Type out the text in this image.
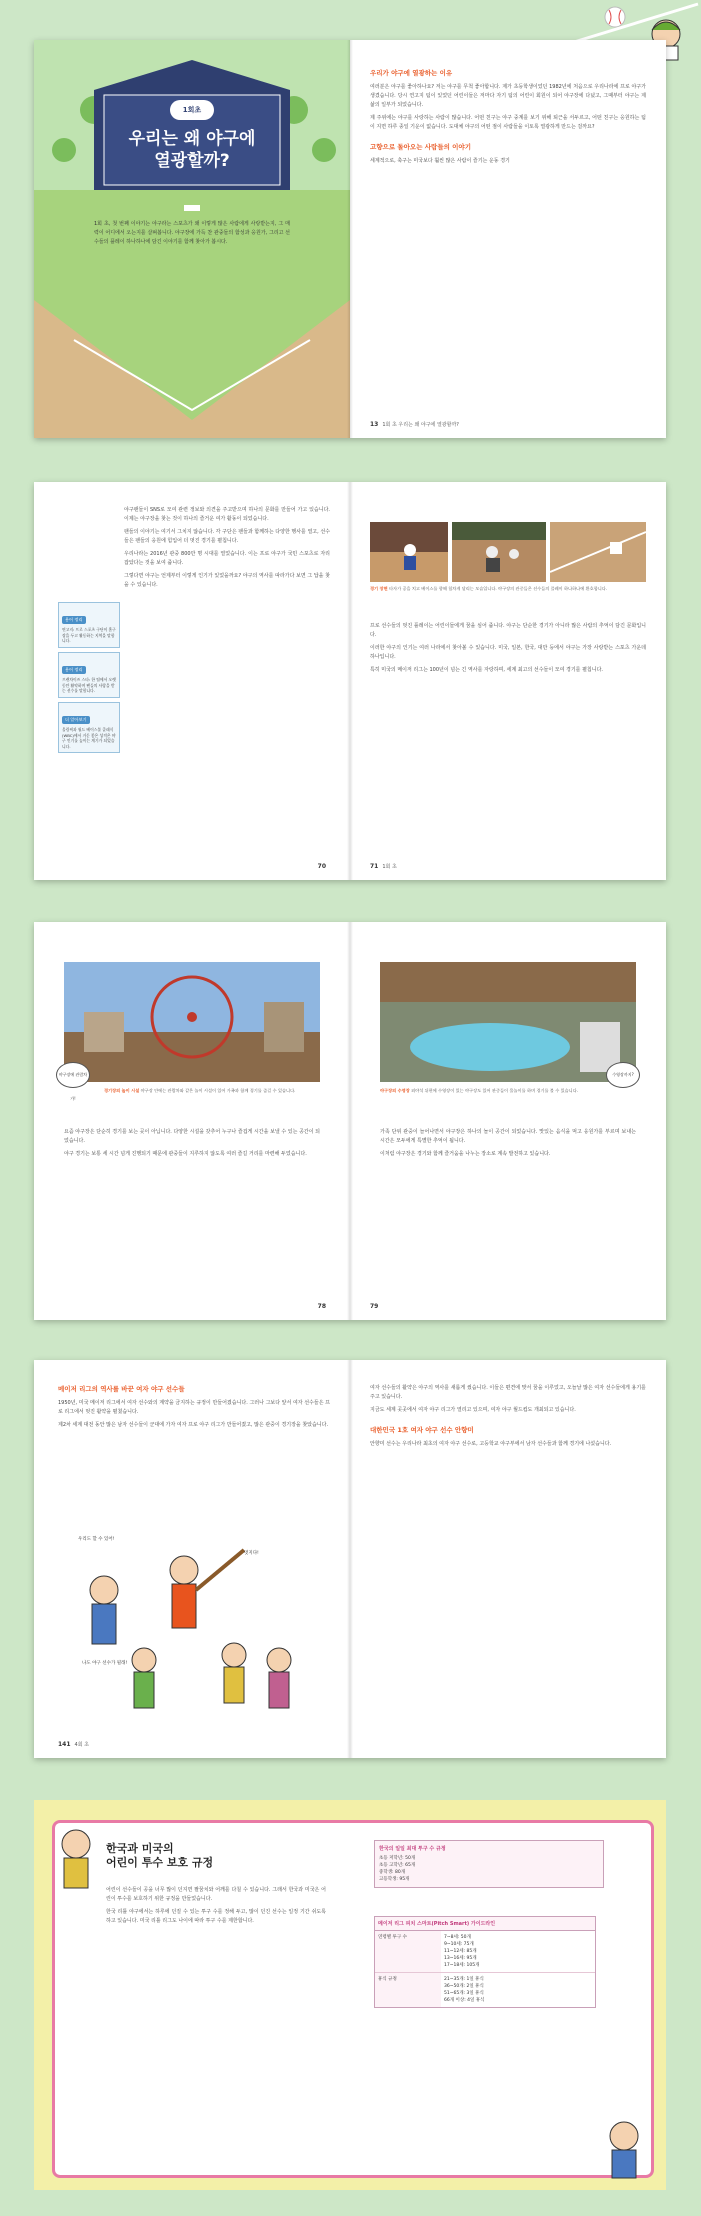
1회초
우리는 왜 야구에
열광할까?

1회 초, 첫 번째 이야기는 야구라는 스포츠가 왜 이렇게 많은 사람에게 사랑받는지, 그 매력이 어디에서 오는지를 살펴봅니다. 야구장에 가득 찬 관중들의 함성과 응원가, 그리고 선수들의 플레이 하나하나에 담긴 이야기를 함께 찾아가 봅시다.

우리가 야구에 열광하는 이유

여러분은 야구를 좋아하나요? 저는 야구를 무척 좋아합니다. 제가 초등학생이었던 1982년에 처음으로 우리나라에 프로 야구가 생겼습니다. 당시 연고지 팀이 있었던 어린이들은 저마다 자기 팀의 어린이 회원이 되어 야구장에 다녔고, 그때부터 야구는 제 삶의 일부가 되었습니다.

제 주위에는 야구를 사랑하는 사람이 많습니다. 어떤 친구는 야구 중계를 보기 위해 퇴근을 서두르고, 어떤 친구는 응원하는 팀이 지면 하루 종일 기운이 없습니다. 도대체 야구의 어떤 점이 사람들을 이토록 열광하게 만드는 걸까요?

고향으로 돌아오는 사람들의 이야기

세계적으로, 축구는 미국보다 훨씬 많은 사람이 즐기는 운동 경기

13 1회 초 우리는 왜 야구에 열광할까?

야구팬들이 SNS로 모여 관련 정보와 의견을 주고받으며 하나의 문화를 만들어 가고 있습니다. 이제는 야구장을 찾는 것이 하나의 즐거운 여가 활동이 되었습니다.

팬들의 이야기는 여기서 그치지 않습니다. 각 구단은 팬들과 함께하는 다양한 행사를 열고, 선수들은 팬들의 응원에 힘입어 더 멋진 경기를 펼칩니다.

우리나라는 2016년 관중 800만 명 시대를 열었습니다. 이는 프로 야구가 국민 스포츠로 자리 잡았다는 것을 보여 줍니다.

그렇다면 야구는 언제부터 이렇게 인기가 있었을까요? 야구의 역사를 따라가다 보면 그 답을 찾을 수 있습니다.

용어 정리

연고지: 프로 스포츠 구단이 홈구장을 두고 활동하는 지역을 말합니다.

용어 정리

프랜차이즈 스타: 한 팀에서 오랫동안 활약하며 팬들의 사랑을 받는 선수를 말합니다.

더 알아보기

올림픽과 월드 베이스볼 클래식(WBC)에서 거둔 좋은 성적은 야구 인기를 높이는 계기가 되었습니다.

70
경기 장면 타자가 공을 치고 베이스를 향해 힘차게 달리는 모습입니다. 야구장의 관중들은 선수들의 플레이 하나하나에 환호합니다.

프로 선수들의 멋진 플레이는 어린이들에게 꿈을 심어 줍니다. 야구는 단순한 경기가 아니라 많은 사람의 추억이 담긴 문화입니다.

이러한 야구의 인기는 여러 나라에서 찾아볼 수 있습니다. 미국, 일본, 한국, 대만 등에서 야구는 가장 사랑받는 스포츠 가운데 하나입니다.

특히 미국의 메이저 리그는 100년이 넘는 긴 역사를 자랑하며, 세계 최고의 선수들이 모여 경기를 펼칩니다.

71 1회 초
경기장의 놀이 시설 야구장 안에는 관람차와 같은 놀이 시설이 있어 가족과 함께 경기를 즐길 수 있습니다.
야구장에 관람차가!

요즘 야구장은 단순히 경기를 보는 곳이 아닙니다. 다양한 시설을 갖추어 누구나 즐겁게 시간을 보낼 수 있는 공간이 되었습니다.

야구 경기는 보통 세 시간 넘게 진행되기 때문에 관중들이 지루하지 않도록 여러 즐길 거리를 마련해 두었습니다.

78
야구장의 수영장 외야석 뒤편에 수영장이 있는 야구장도 있어 관중들이 물놀이를 하며 경기를 볼 수 있습니다.
수영장까지?

가족 단위 관중이 늘어나면서 야구장은 하나의 놀이 공간이 되었습니다. 맛있는 음식을 먹고 응원가를 부르며 보내는 시간은 모두에게 특별한 추억이 됩니다.

이처럼 야구장은 경기와 함께 즐거움을 나누는 장소로 계속 발전하고 있습니다.

79
메이저 리그의 역사를 바꾼 여자 야구 선수들

1950년, 미국 메이저 리그에서 여자 선수와의 계약을 금지하는 규정이 만들어졌습니다. 그러나 그보다 앞서 여자 선수들은 프로 리그에서 멋진 활약을 펼쳤습니다.

제2차 세계 대전 동안 많은 남자 선수들이 군대에 가자 여자 프로 야구 리그가 만들어졌고, 많은 관중이 경기장을 찾았습니다.

우리도 할 수 있어!
멋지다!
나도 야구 선수가 될래!
141 4회 초

여자 선수들의 활약은 야구의 역사를 새롭게 썼습니다. 이들은 편견에 맞서 꿈을 이루었고, 오늘날 많은 여자 선수들에게 용기를 주고 있습니다.

지금도 세계 곳곳에서 여자 야구 리그가 열리고 있으며, 여자 야구 월드컵도 개최되고 있습니다.

대한민국 1호 여자 야구 선수 안향미

안향미 선수는 우리나라 최초의 여자 야구 선수로, 고등학교 야구부에서 남자 선수들과 함께 경기에 나섰습니다.

한국과 미국의
어린이 투수 보호 규정

어린이 선수들이 공을 너무 많이 던지면 팔꿈치와 어깨를 다칠 수 있습니다. 그래서 한국과 미국은 어린이 투수를 보호하기 위한 규정을 만들었습니다.

한국 리틀 야구에서는 하루에 던질 수 있는 투구 수를 정해 두고, 많이 던진 선수는 일정 기간 쉬도록 하고 있습니다. 미국 리틀 리그도 나이에 따라 투구 수를 제한합니다.

한국의 일일 최대 투구 수 규정
초등 저학년: 50개
초등 고학년: 65개
중학생: 80개
고등학생: 95개
메이저 리그 피치 스마트(Pitch Smart) 가이드라인
연령별 투구 수	7~8세: 50개
9~10세: 75개
11~12세: 85개
13~16세: 95개
17~18세: 105개
휴식 규정	21~35개: 1일 휴식
36~50개: 2일 휴식
51~65개: 3일 휴식
66개 이상: 4일 휴식
